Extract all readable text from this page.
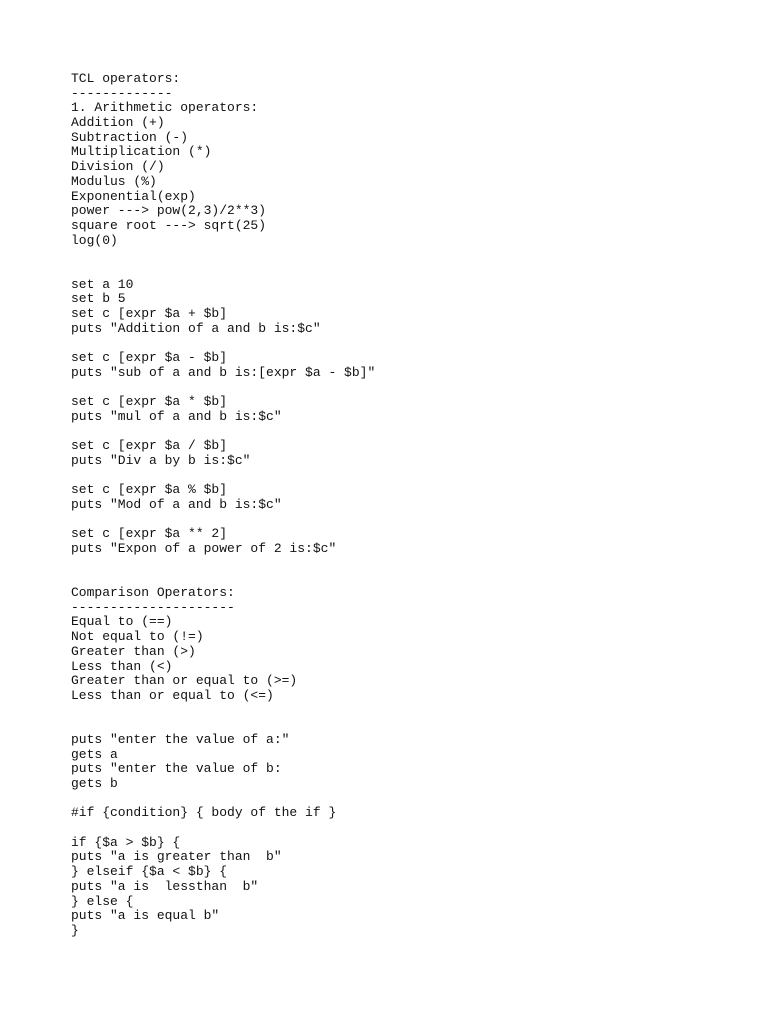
TCL operators:
-------------
1. Arithmetic operators:
Addition (+)
Subtraction (-)
Multiplication (*)
Division (/)
Modulus (%)
Exponential(exp)
power ---> pow(2,3)/2**3)
square root ---> sqrt(25)
log(0)
set a 10
set b 5
set c [expr $a + $b]
puts "Addition of a and b is:$c"
set c [expr $a - $b]
puts "sub of a and b is:[expr $a - $b]"
set c [expr $a * $b]
puts "mul of a and b is:$c"
set c [expr $a / $b]
puts "Div a by b is:$c"
set c [expr $a % $b]
puts "Mod of a and b is:$c"
set c [expr $a ** 2]
puts "Expon of a power of 2 is:$c"
Comparison Operators:
---------------------
Equal to (==)
Not equal to (!=)
Greater than (>)
Less than (<)
Greater than or equal to (>=)
Less than or equal to (<=)
puts "enter the value of a:"
gets a
puts "enter the value of b:
gets b
#if {condition} { body of the if }
if {$a > $b} {
puts "a is greater than  b"
} elseif {$a < $b} {
puts "a is  lessthan  b"
} else {
puts "a is equal b"
}
